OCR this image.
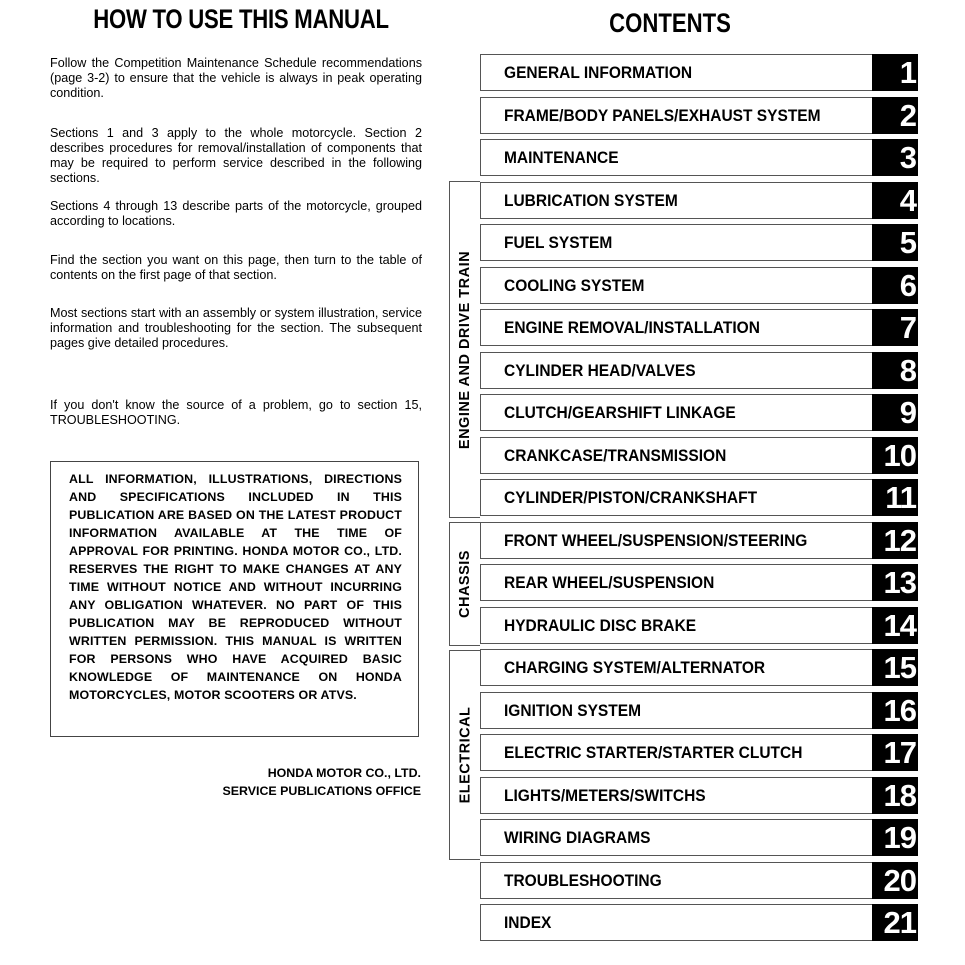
HOW TO USE THIS MANUAL
Follow the Competition Maintenance Schedule recommendations (page 3-2) to ensure that the vehicle is always in peak operating condition.
Sections 1 and 3 apply to the whole motorcycle. Section 2 describes procedures for removal/installation of components that may be required to perform service described in the following sections.
Sections 4 through 13 describe parts of the motorcycle, grouped according to locations.
Find the section you want on this page, then turn to the table of contents on the first page of that section.
Most sections start with an assembly or system illustration, service information and troubleshooting for the section. The subsequent pages give detailed procedures.
If you don't know the source of a problem, go to section 15, TROUBLESHOOTING.
ALL INFORMATION, ILLUSTRATIONS, DIRECTIONS AND SPECIFICATIONS INCLUDED IN THIS PUBLICATION ARE BASED ON THE LATEST PRODUCT INFORMATION AVAILABLE AT THE TIME OF APPROVAL FOR PRINTING. HONDA MOTOR CO., LTD. RESERVES THE RIGHT TO MAKE CHANGES AT ANY TIME WITHOUT NOTICE AND WITHOUT INCURRING ANY OBLIGATION WHATEVER. NO PART OF THIS PUBLICATION MAY BE REPRODUCED WITHOUT WRITTEN PERMISSION. THIS MANUAL IS WRITTEN FOR PERSONS WHO HAVE ACQUIRED BASIC KNOWLEDGE OF MAINTENANCE ON HONDA MOTORCYCLES, MOTOR SCOOTERS OR ATVS.
HONDA MOTOR CO., LTD.
SERVICE PUBLICATIONS OFFICE
CONTENTS
ENGINE AND DRIVE TRAIN
CHASSIS
ELECTRICAL
GENERAL INFORMATION	1
FRAME/BODY PANELS/EXHAUST SYSTEM	2
MAINTENANCE	3
LUBRICATION SYSTEM	4
FUEL SYSTEM	5
COOLING SYSTEM	6
ENGINE REMOVAL/INSTALLATION	7
CYLINDER HEAD/VALVES	8
CLUTCH/GEARSHIFT LINKAGE	9
CRANKCASE/TRANSMISSION	10
CYLINDER/PISTON/CRANKSHAFT	11
FRONT WHEEL/SUSPENSION/STEERING	12
REAR WHEEL/SUSPENSION	13
HYDRAULIC DISC BRAKE	14
CHARGING SYSTEM/ALTERNATOR	15
IGNITION SYSTEM	16
ELECTRIC STARTER/STARTER CLUTCH	17
LIGHTS/METERS/SWITCHS	18
WIRING DIAGRAMS	19
TROUBLESHOOTING	20
INDEX	21
